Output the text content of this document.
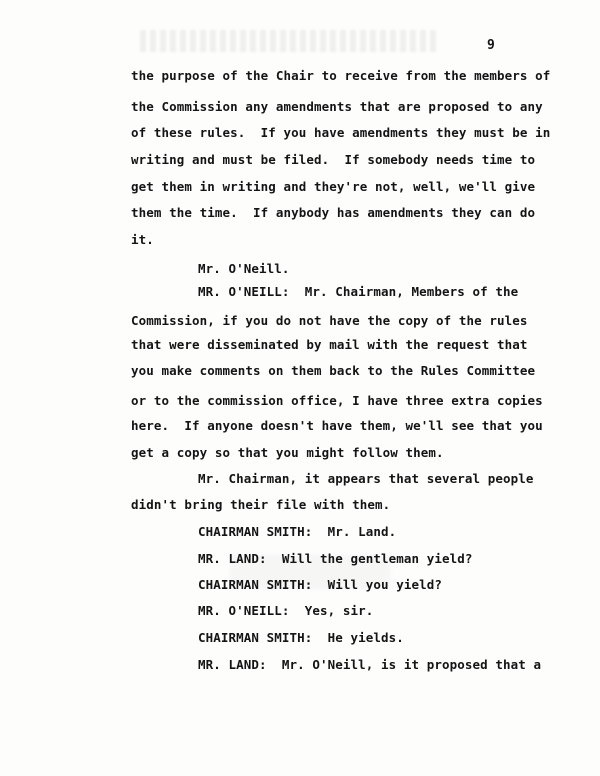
9
the purpose of the Chair to receive from the members of
the Commission any amendments that are proposed to any
of these rules.  If you have amendments they must be in
writing and must be filed.  If somebody needs time to
get them in writing and they're not, well, we'll give
them the time.  If anybody has amendments they can do
it.
Mr. O'Neill.
MR. O'NEILL:  Mr. Chairman, Members of the
Commission, if you do not have the copy of the rules
that were disseminated by mail with the request that
you make comments on them back to the Rules Committee
or to the commission office, I have three extra copies
here.  If anyone doesn't have them, we'll see that you
get a copy so that you might follow them.
Mr. Chairman, it appears that several people
didn't bring their file with them.
CHAIRMAN SMITH:  Mr. Land.
MR. LAND:  Will the gentleman yield?
CHAIRMAN SMITH:  Will you yield?
MR. O'NEILL:  Yes, sir.
CHAIRMAN SMITH:  He yields.
MR. LAND:  Mr. O'Neill, is it proposed that a
